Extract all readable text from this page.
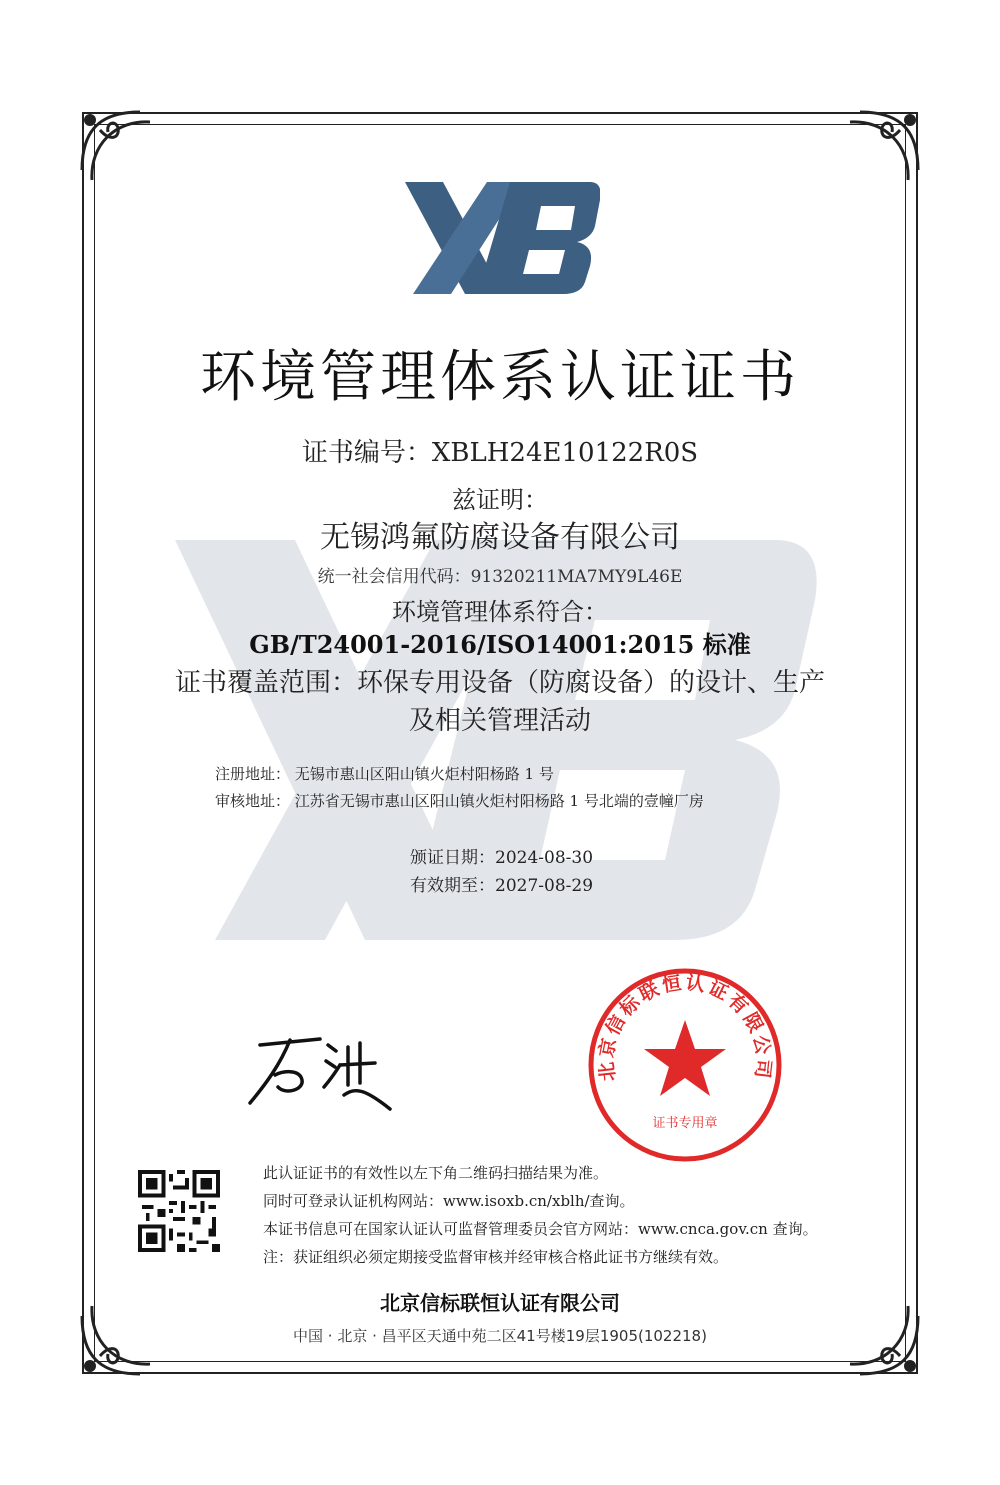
环境管理体系认证证书
证书编号：XBLH24E10122R0S
兹证明：
无锡鸿氟防腐设备有限公司
统一社会信用代码：91320211MA7MY9L46E
环境管理体系符合：
GB/T24001-2016/ISO14001:2015 标准
证书覆盖范围：环保专用设备（防腐设备）的设计、生产
及相关管理活动
注册地址： 无锡市惠山区阳山镇火炬村阳杨路 1 号
审核地址： 江苏省无锡市惠山区阳山镇火炬村阳杨路 1 号北端的壹幢厂房
颁证日期：2024-08-30
有效期至：2027-08-29
北京信标联恒认证有限公司
证书专用章
此认证证书的有效性以左下角二维码扫描结果为准。
同时可登录认证机构网站：www.isoxb.cn/xblh/查询。
本证书信息可在国家认证认可监督管理委员会官方网站：www.cnca.gov.cn 查询。
注：获证组织必须定期接受监督审核并经审核合格此证书方继续有效。
北京信标联恒认证有限公司
中国 · 北京 · 昌平区天通中苑二区41号楼19层1905(102218)
